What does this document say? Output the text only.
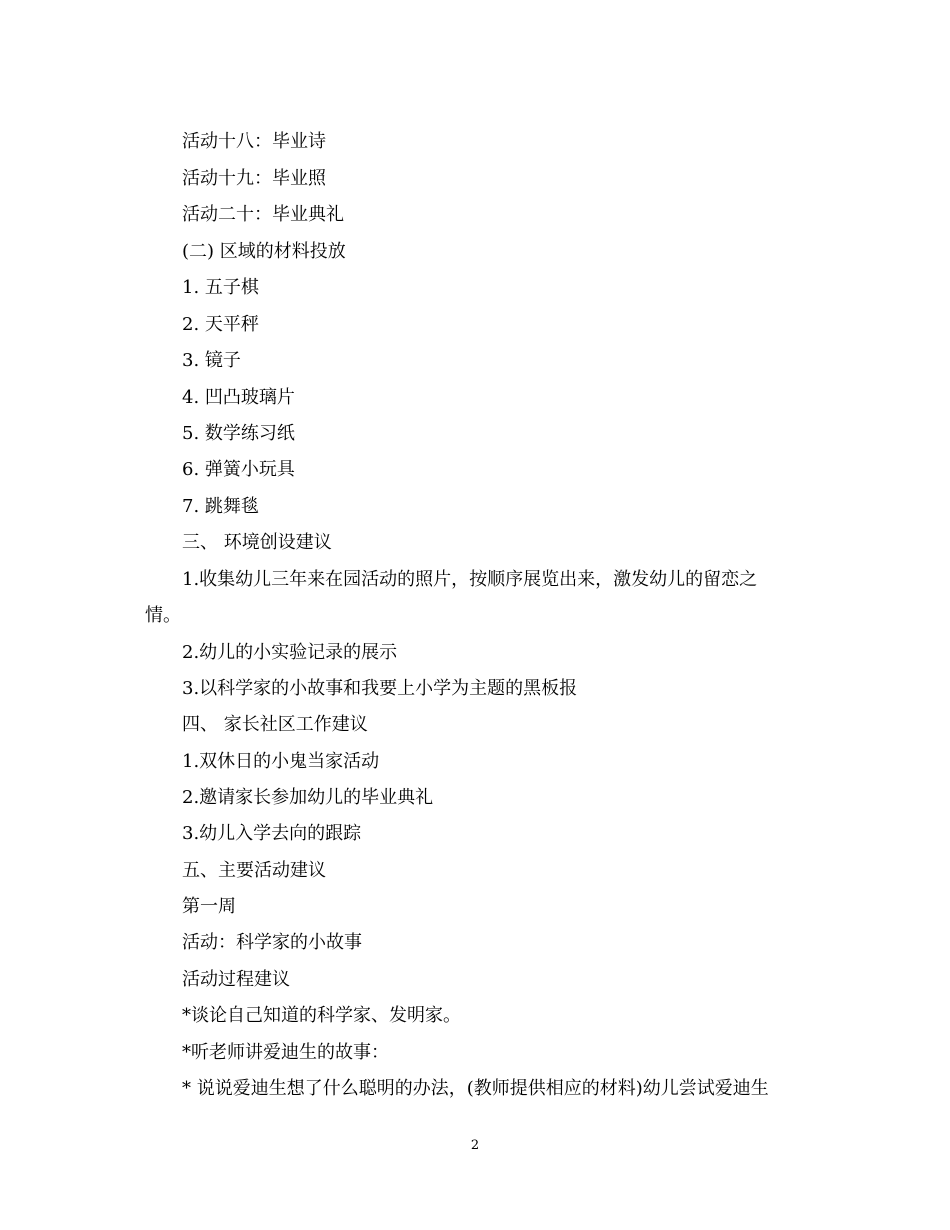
活动十八：毕业诗
活动十九：毕业照
活动二十：毕业典礼
(二) 区域的材料投放
1. 五子棋
2. 天平秤
3. 镜子
4. 凹凸玻璃片
5. 数学练习纸
6. 弹簧小玩具
7. 跳舞毯
三、 环境创设建议
1.收集幼儿三年来在园活动的照片，按顺序展览出来，激发幼儿的留恋之
情。
2.幼儿的小实验记录的展示
3.以科学家的小故事和我要上小学为主题的黑板报
四、 家长社区工作建议
1.双休日的小鬼当家活动
2.邀请家长参加幼儿的毕业典礼
3.幼儿入学去向的跟踪
五、主要活动建议
第一周
活动：科学家的小故事
活动过程建议
*谈论自己知道的科学家、发明家。
*听老师讲爱迪生的故事：
* 说说爱迪生想了什么聪明的办法，(教师提供相应的材料)幼儿尝试爱迪生
2
